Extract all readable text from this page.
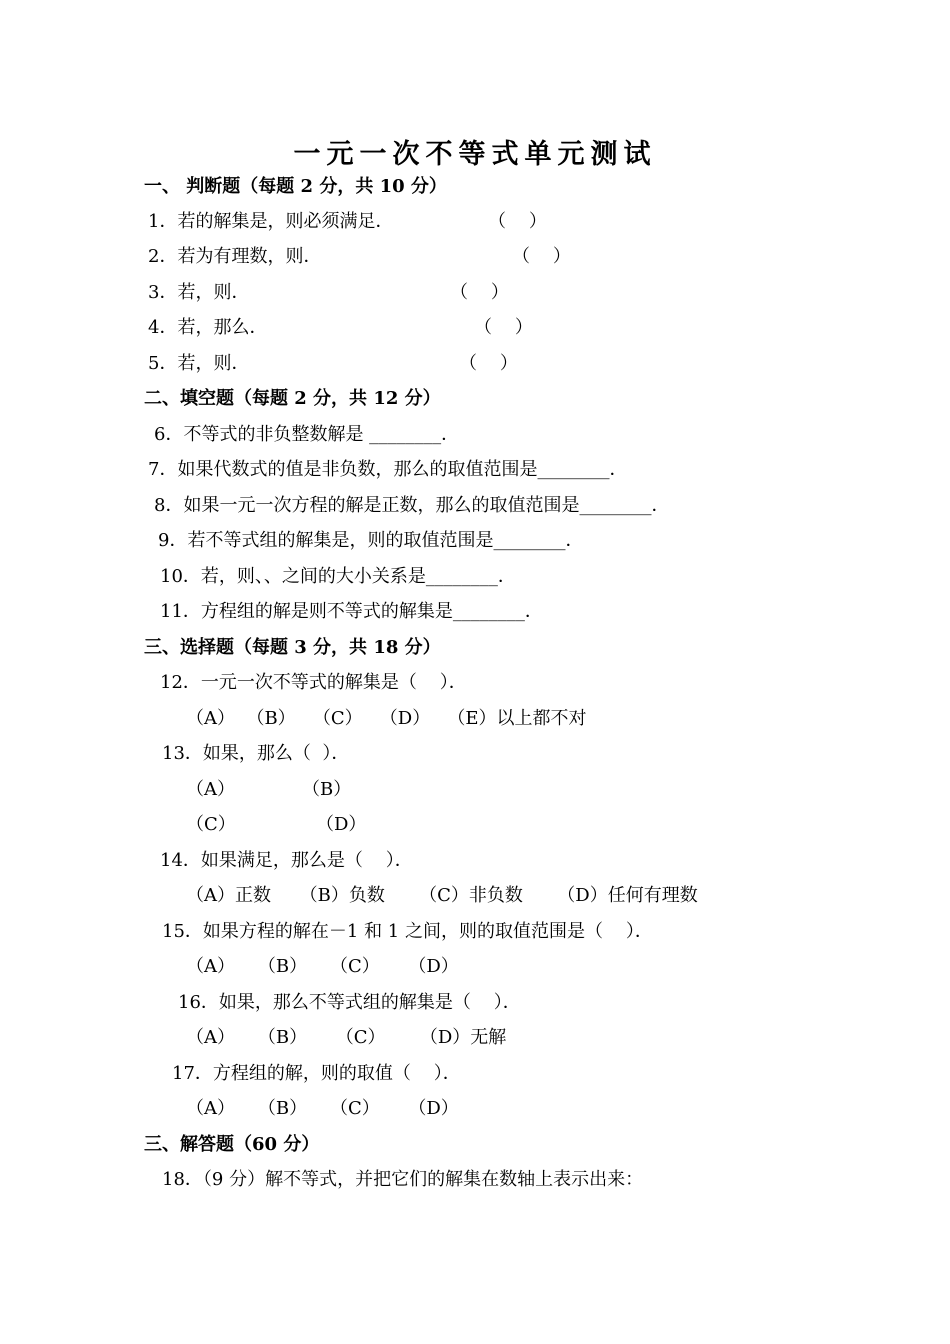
一元一次不等式单元测试
一、 判断题（每题 2 分，共 10 分）
1．若的解集是，则必须满足．	（    ）
2．若为有理数，则．	（    ）
3．若，则．	（    ）
4．若，那么．	（    ）
5．若，则．	（    ）
二、填空题（每题 2 分，共 12 分）
6．不等式的非负整数解是 ________．
7．如果代数式的值是非负数，那么的取值范围是________．
8．如果一元一次方程的解是正数，那么的取值范围是________．
9．若不等式组的解集是，则的取值范围是________．
10．若，则、、之间的大小关系是________．
11．方程组的解是则不等式的解集是________．
三、选择题（每题 3 分，共 18 分）
12．一元一次不等式的解集是（    ）．
（A）  （B）   （C）   （D）   （E）以上都不对
13．如果，那么（  ）．
（A）	（B）
（C）	（D）
14．如果满足，那么是（    ）．
（A）正数     （B）负数      （C）非负数      （D）任何有理数
15．如果方程的解在－1 和 1 之间，则的取值范围是（    ）．
（A）    （B）    （C）     （D）
16．如果，那么不等式组的解集是（    ）．
（A）    （B）     （C）      （D）无解
17．方程组的解，则的取值（    ）．
（A）    （B）    （C）     （D）
三、解答题（60 分）
18．（9 分）解不等式，并把它们的解集在数轴上表示出来：
